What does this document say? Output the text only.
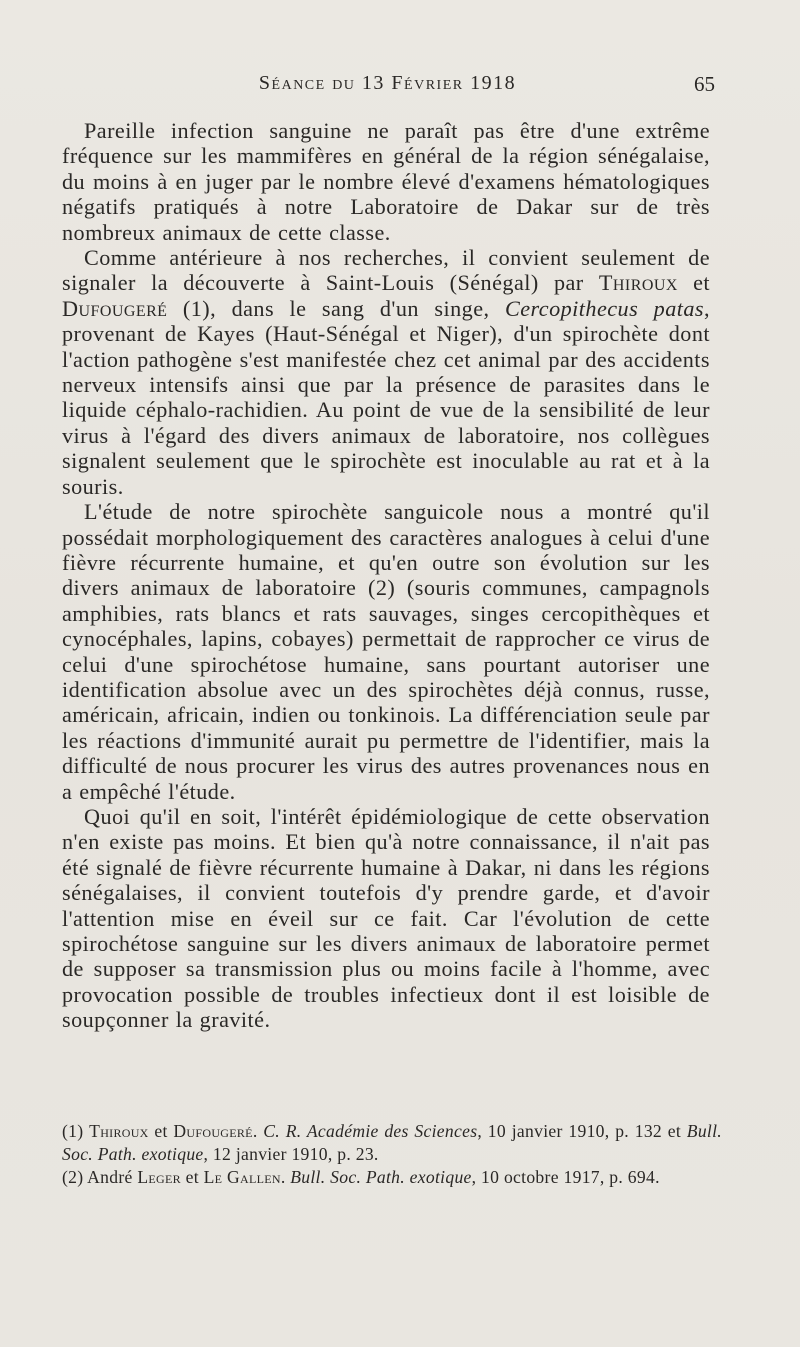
Séance du 13 Février 1918	65

Pareille infection sanguine ne paraît pas être d'une extrême fréquence sur les mammifères en général de la région sénégalaise, du moins à en juger par le nombre élevé d'examens hématologiques négatifs pratiqués à notre Laboratoire de Dakar sur de très nombreux animaux de cette classe.

Comme antérieure à nos recherches, il convient seulement de signaler la découverte à Saint-Louis (Sénégal) par Thiroux et Dufougeré (1), dans le sang d'un singe, Cercopithecus patas, provenant de Kayes (Haut-Sénégal et Niger), d'un spirochète dont l'action pathogène s'est manifestée chez cet animal par des accidents nerveux intensifs ainsi que par la présence de parasites dans le liquide céphalo-rachidien. Au point de vue de la sensibilité de leur virus à l'égard des divers animaux de laboratoire, nos collègues signalent seulement que le spirochète est inoculable au rat et à la souris.

L'étude de notre spirochète sanguicole nous a montré qu'il possédait morphologiquement des caractères analogues à celui d'une fièvre récurrente humaine, et qu'en outre son évolution sur les divers animaux de laboratoire (2) (souris communes, campagnols amphibies, rats blancs et rats sauvages, singes cercopithèques et cynocéphales, lapins, cobayes) permettait de rapprocher ce virus de celui d'une spirochétose humaine, sans pourtant autoriser une identification absolue avec un des spirochètes déjà connus, russe, américain, africain, indien ou tonkinois. La différenciation seule par les réactions d'immunité aurait pu permettre de l'identifier, mais la difficulté de nous procurer les virus des autres provenances nous en a empêché l'étude.

Quoi qu'il en soit, l'intérêt épidémiologique de cette observation n'en existe pas moins. Et bien qu'à notre connaissance, il n'ait pas été signalé de fièvre récurrente humaine à Dakar, ni dans les régions sénégalaises, il convient toutefois d'y prendre garde, et d'avoir l'attention mise en éveil sur ce fait. Car l'évolution de cette spirochétose sanguine sur les divers animaux de laboratoire permet de supposer sa transmission plus ou moins facile à l'homme, avec provocation possible de troubles infectieux dont il est loisible de soupçonner la gravité.

(1) Thiroux et Dufougeré. C. R. Académie des Sciences, 10 janvier 1910, p. 132 et Bull. Soc. Path. exotique, 12 janvier 1910, p. 23.

(2) André Leger et Le Gallen. Bull. Soc. Path. exotique, 10 octobre 1917, p. 694.
